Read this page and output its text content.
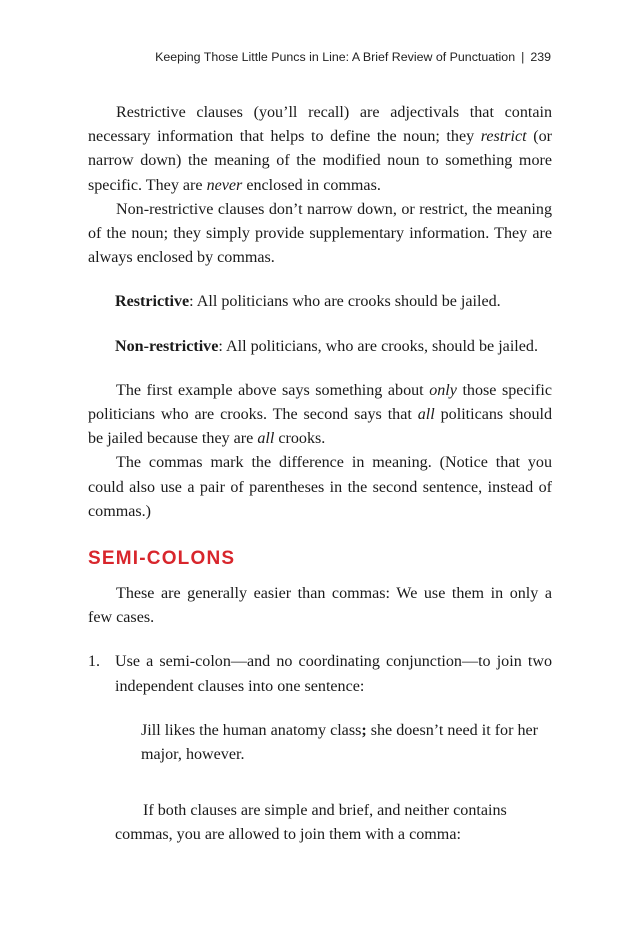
Keeping Those Little Puncs in Line: A Brief Review of Punctuation | 239

Restrictive clauses (you’ll recall) are adjectivals that contain necessary information that helps to define the noun; they restrict (or narrow down) the meaning of the modified noun to something more specific. They are never enclosed in commas.

Non-restrictive clauses don’t narrow down, or restrict, the meaning of the noun; they simply provide supplementary information. They are always enclosed by commas.

Restrictive: All politicians who are crooks should be jailed.

Non-restrictive: All politicians, who are crooks, should be jailed.

The first example above says something about only those specific politicians who are crooks. The second says that all politicans should be jailed because they are all crooks.

The commas mark the difference in meaning. (Notice that you could also use a pair of parentheses in the second sentence, instead of commas.)

SEMI-COLONS

These are generally easier than commas: We use them in only a few cases.

1. Use a semi-colon—and no coordinating conjunction—to join two independent clauses into one sentence:

Jill likes the human anatomy class; she doesn’t need it for her major, however.

If both clauses are simple and brief, and neither contains commas, you are allowed to join them with a comma:
